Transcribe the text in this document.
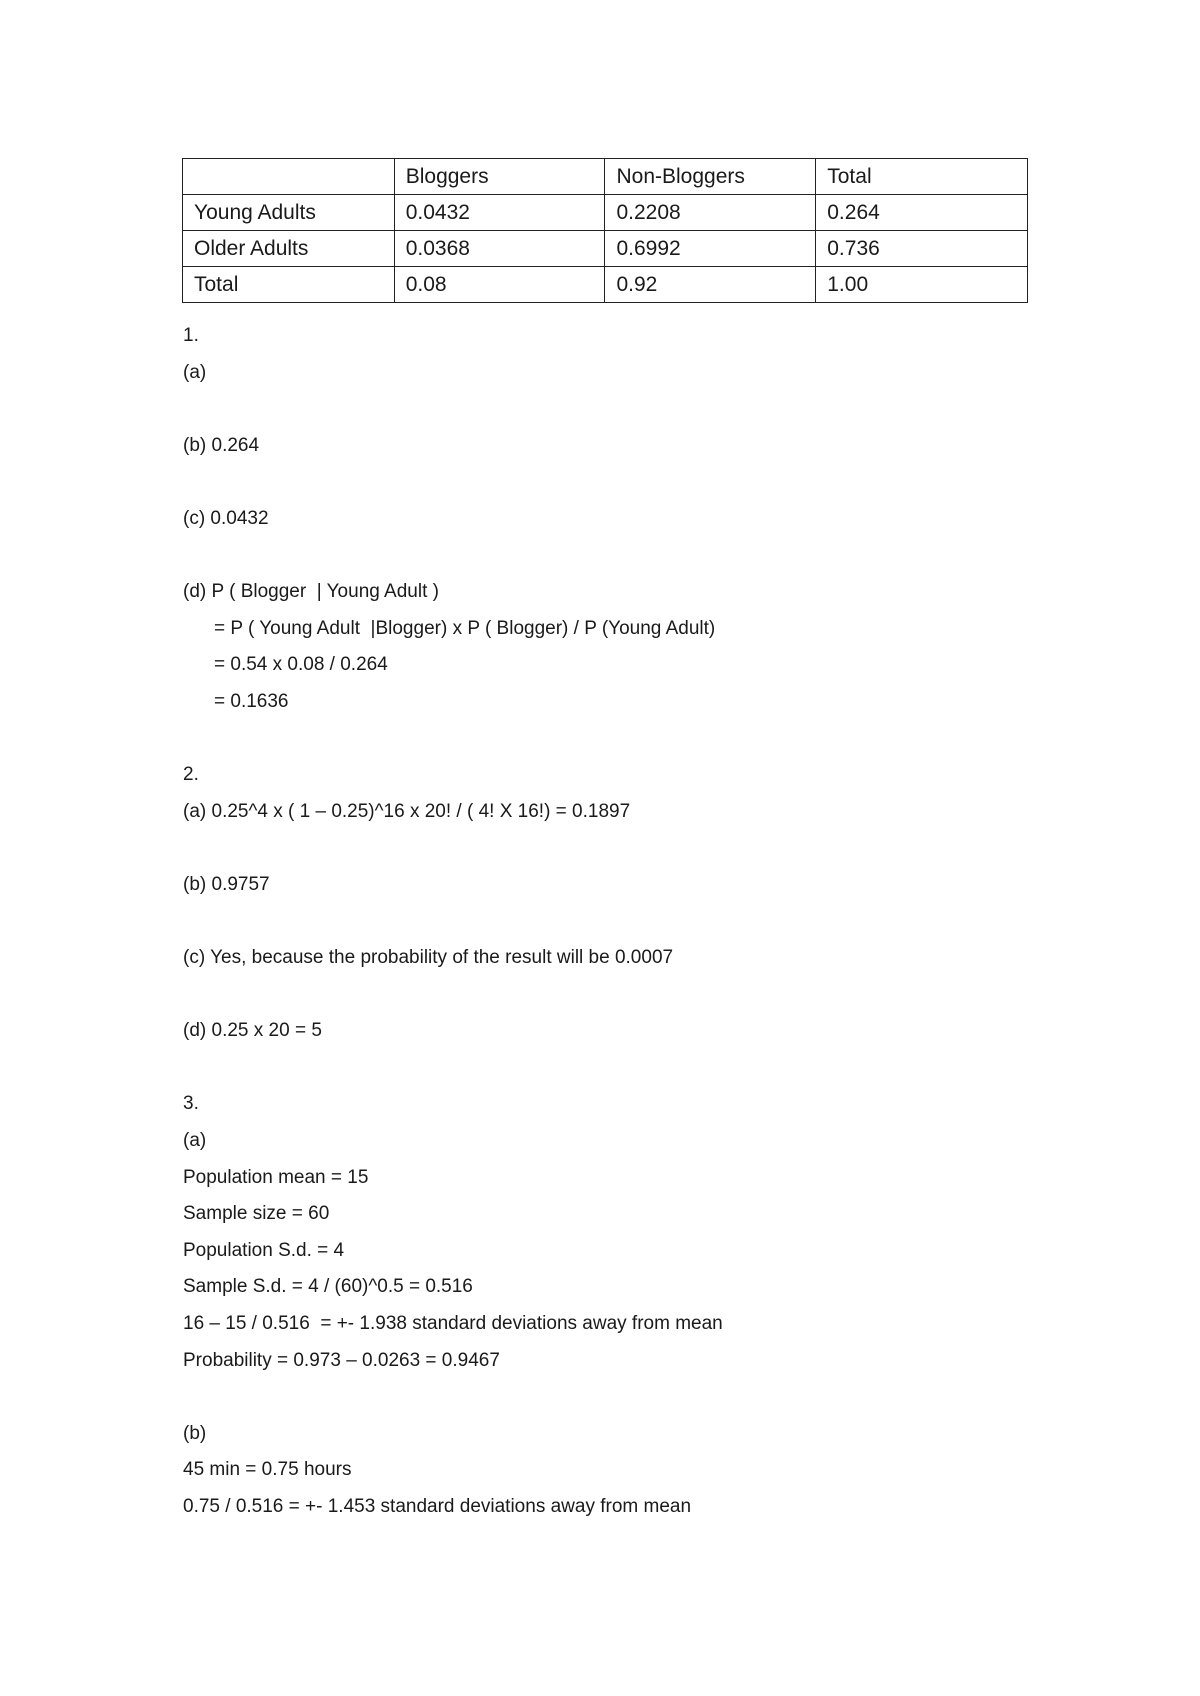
	Bloggers	Non-Bloggers	Total
Young Adults	0.0432	0.2208	0.264
Older Adults	0.0368	0.6992	0.736
Total	0.08	0.92	1.00
1.
(a)
(b) 0.264
(c) 0.0432
(d) P ( Blogger  | Young Adult )
= P ( Young Adult  |Blogger) x P ( Blogger) / P (Young Adult)
= 0.54 x 0.08 / 0.264
= 0.1636
2.
(a) 0.25^4 x ( 1 – 0.25)^16 x 20! / ( 4! X 16!) = 0.1897
(b) 0.9757
(c) Yes, because the probability of the result will be 0.0007
(d) 0.25 x 20 = 5
3.
(a)
Population mean = 15
Sample size = 60
Population S.d. = 4
Sample S.d. = 4 / (60)^0.5 = 0.516
16 – 15 / 0.516  = +- 1.938 standard deviations away from mean
Probability = 0.973 – 0.0263 = 0.9467
(b)
45 min = 0.75 hours
0.75 / 0.516 = +- 1.453 standard deviations away from mean
